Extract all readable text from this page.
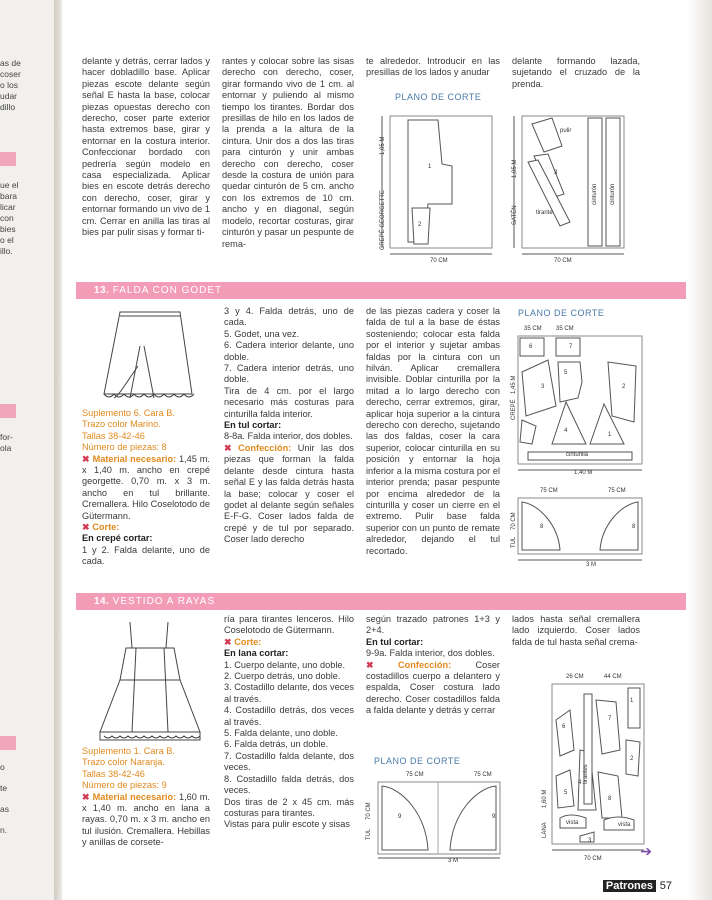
as de
coser
o los
udar
dillo
ue el
bara
licar
con
bies
o el
illo.
for-
ola
o
te
as
n.

delante y detrás, cerrar lados y hacer dobladillo base. Aplicar piezas escote delante según señal E hasta la base, colocar piezas opuestas derecho con derecho, coser parte exterior hasta extremos base, girar y entornar en la costura interior. Confeccionar bordado con pedrería según modelo en casa especializada. Aplicar bies en escote detrás derecho con derecho, coser, girar y entornar formando un vivo de 1 cm. Cerrar en anilla las tiras al bies par pulir sisas y formar ti-

rantes y colocar sobre las sisas derecho con derecho, coser, girar formando vivo de 1 cm. al entornar y puliendo al mismo tiempo los tirantes. Bordar dos presillas de hilo en los lados de la prenda a la altura de la cintura. Unir dos a dos las tiras para cinturón y unir ambas derecho con derecho, coser desde la costura de unión para quedar cinturón de 5 cm. ancho con los extremos de 10 cm. ancho y en diagonal, según modelo, recortar costuras, girar cinturón y pasar un pespunte de rema-

te alrededor. Introducir en las presillas de los lados y anudar

delante formando lazada, sujetando el cruzado de la prenda.

PLANO DE CORTE
CREPÉ GEORGETTE
1,05 M
1
2
70 CM
SATÉN
1,05 M
pulir
3
tirante
cinturón cinturón
70 CM
13. FALDA CON GODET

Suplemento 6. Cara B.

Trazo color Marino.

Tallas 38-42-46

Número de piezas: 8

✖ Material necesario: 1,45 m. x 1,40 m. ancho en crepé georgette. 0,70 m. x 3 m. ancho en tul brillante. Cremallera. Hilo Coselotodo de Gütermann.

✖ Corte:

En crepé cortar:

1 y 2. Falda delante, uno de cada.

3 y 4. Falda detrás, uno de cada.

5. Godet, una vez.

6. Cadera interior delante, uno doble.

7. Cadera interior detrás, uno doble.

Tira de 4 cm. por el largo necesario más costuras para cinturilla falda interior.

En tul cortar:

8-8a. Falda interior, dos dobles.

✖ Confección: Unir las dos piezas que forman la falda delante desde cintura hasta señal E y las falda detrás hasta la base; colocar y coser el godet al delante según señales E-F-G. Coser lados falda de crepé y de tul por separado. Coser lado derecho

de las piezas cadera y coser la falda de tul a la base de éstas sosteniendo; colocar esta falda por el interior y sujetar ambas faldas por la cintura con un hilván. Aplicar cremallera invisible. Doblar cinturilla por la mitad a lo largo derecho con derecho, cerrar extremos, girar, aplicar hoja superior a la cintura derecho con derecho, sujetando las dos faldas, coser la cara superior, colocar cinturilla en su posición y entornar la hoja inferior a la misma costura por el interior prenda; pasar pespunte por encima alrededor de la cinturilla y coser un cierre en el extremo. Pulir base falda superior con un punto de remate alrededor, dejando el tul recortado.

PLANO DE CORTE
35 CM 35 CM
CREPÉ
1,45 M
6	7
3	2
5
4
1
cinturilla
1,40 M
75 CM	75 CM
TUL
70 CM	8	8
3 M
14. VESTIDO A RAYAS

Suplemento 1. Cara B.

Trazo color Naranja.

Tallas 38-42-46

Número de piezas: 9

✖ Material necesario: 1,60 m. x 1,40 m. ancho en lana a rayas. 0,70 m. x 3 m. ancho en tul ilusión. Cremallera. Hebillas y anillas de corsete-

ría para tirantes lenceros. Hilo Coselotodo de Gütermann.

✖ Corte:

En lana cortar:

1. Cuerpo delante, uno doble.

2. Cuerpo detrás, uno doble.

3. Costadillo delante, dos veces al través.

4. Costadillo detrás, dos veces al través.

5. Falda delante, uno doble.

6. Falda detrás, un doble.

7. Costadillo falda delante, dos veces.

8. Costadillo falda detrás, dos veces.

Dos tiras de 2 x 45 cm. más costuras para tirantes.

Vistas para pulir escote y sisas

según trazado patrones 1+3 y 2+4.

En tul cortar:

9-9a. Falda interior, dos dobles.

✖ Confección:	Coser costadillos cuerpo a delantero y espalda, Coser costura lado derecho. Coser costadillos falda a falda delante y detrás y cerrar

lados hasta señal cremallera lado izquierdo. Coser lados falda de tul hasta señal crema-

PLANO DE CORTE
75 CM	75 CM
TUL
70 CM	9	9
3 M
26 CM	44 CM
LANA
1,60 M
tirantes
1
6
7
2
5
8
4
3
vista	vista
70 CM	➔
Patrones 57
